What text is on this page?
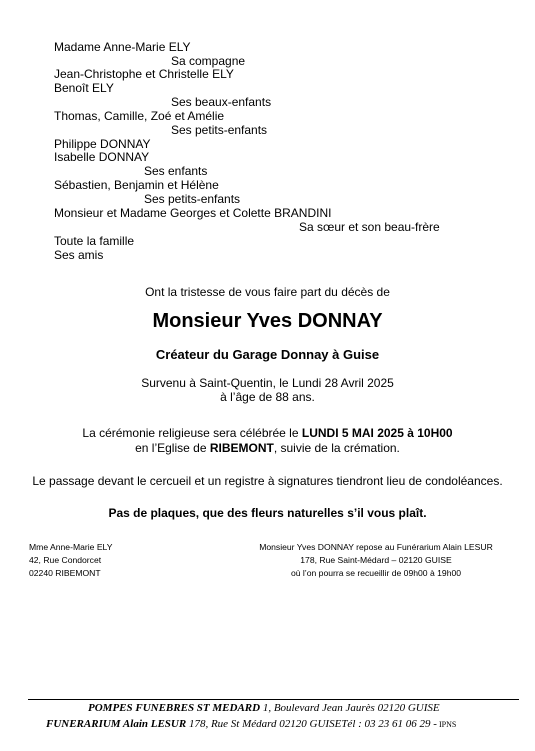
Madame Anne-Marie ELY
Sa compagne
Jean-Christophe et Christelle ELY
Benoît ELY
Ses beaux-enfants
Thomas, Camille, Zoé et Amélie
Ses petits-enfants
Philippe DONNAY
Isabelle DONNAY
Ses enfants
Sébastien, Benjamin et Hélène
Ses petits-enfants
Monsieur et Madame Georges et Colette BRANDINI
Sa sœur et son beau-frère
Toute la famille
Ses amis
Ont la tristesse de vous faire part du décès de
Monsieur Yves DONNAY
Créateur du Garage Donnay à Guise
Survenu à Saint-Quentin, le Lundi 28 Avril 2025
à l’âge de 88 ans.
La cérémonie religieuse sera célébrée le LUNDI 5 MAI 2025 à 10H00
en l’Eglise de RIBEMONT, suivie de la crémation.
Le passage devant le cercueil et un registre à signatures tiendront lieu de condoléances.
Pas de plaques, que des fleurs naturelles s’il vous plaît.
Mme Anne-Marie ELY
42, Rue Condorcet
02240 RIBEMONT
Monsieur Yves DONNAY repose au Funérarium Alain LESUR
178, Rue Saint-Médard – 02120 GUISE
où l’on pourra se recueillir de 09h00 à 19h00
POMPES FUNEBRES ST MEDARD 1, Boulevard Jean Jaurès 02120 GUISE
FUNERARIUM Alain LESUR 178, Rue St Médard 02120 GUISETél : 03 23 61 06 29 - IPNS
